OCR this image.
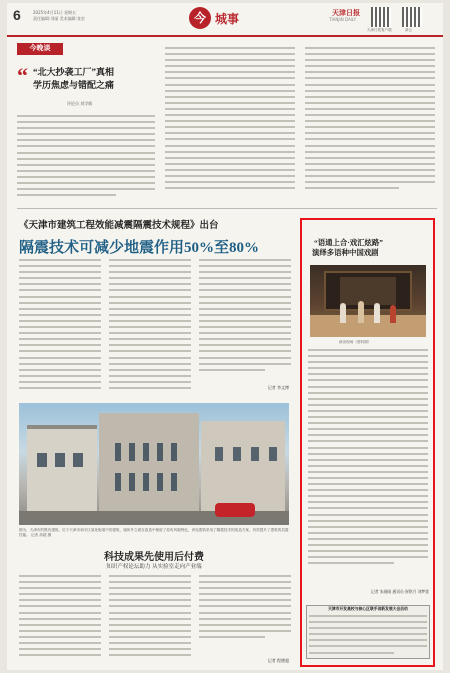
6	2025年4月11日 星期五
责任编辑:刘丽 美术编辑:张宏	今 城事	天津日报
TIANJIN DAILY
天津日报客户端	津云
今晚谈
“ “北大抄袭工厂”真相
学历焦虑与错配之痛
评论员 刘学敏
《天津市建筑工程效能减震隔震技术规程》出台
隔震技术可减少地震作用50%至80%
记者 李文博
图为，天津市的既有建筑。位于天津市和平区某处街道中的建筑，墙体外立面在改造中保留了原有风貌特色，该处建筑采用了隔震技术的改造方案，有效提升了建筑的抗震性能。 记者 高超 摄
科技成果先使用后付费
知识产权论坛助力 从实验室走向产业端
记者 程德超
“语通上合·戏汇炫路”
演绎多语种中国戏剧
演出现场（资料图）
记者 朱刚刚 通讯员 崔铭月 刘梦萱
天津市开发高校与核心区联手创新发展大会启动
